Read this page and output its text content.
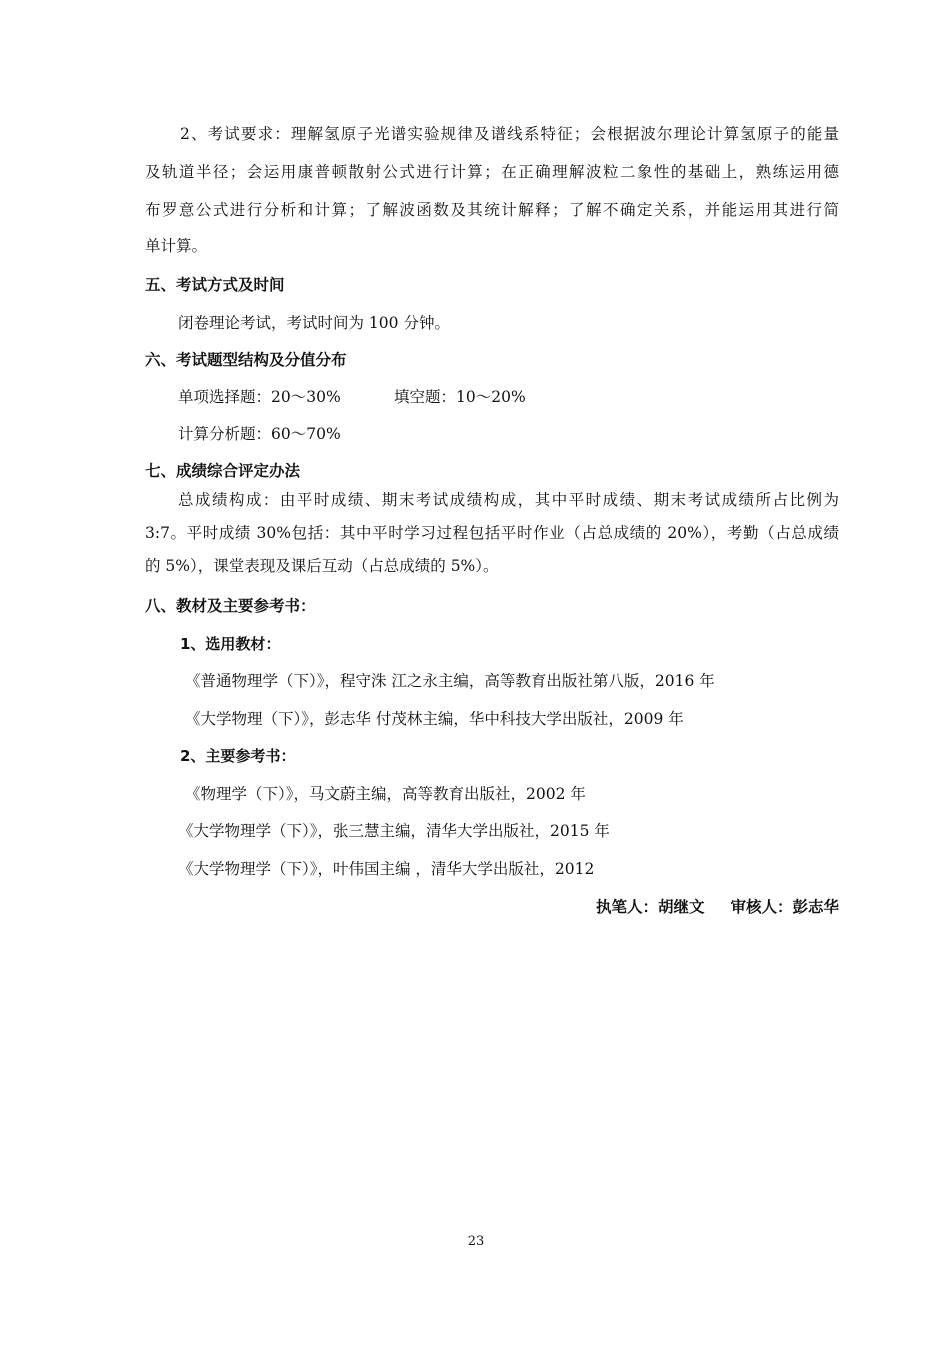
2、考试要求：理解氢原子光谱实验规律及谱线系特征；会根据波尔理论计算氢原子的能量
及轨道半径；会运用康普顿散射公式进行计算；在正确理解波粒二象性的基础上，熟练运用德
布罗意公式进行分析和计算；了解波函数及其统计解释；了解不确定关系，并能运用其进行简
单计算。
五、考试方式及时间
闭卷理论考试，考试时间为 100 分钟。
六、考试题型结构及分值分布
单项选择题：20～30%	填空题：10～20%
计算分析题：60～70%
七、成绩综合评定办法
总成绩构成：由平时成绩、期末考试成绩构成，其中平时成绩、期末考试成绩所占比例为
3:7。平时成绩 30%包括：其中平时学习过程包括平时作业（占总成绩的 20%），考勤（占总成绩
的 5%），课堂表现及课后互动（占总成绩的 5%）。
八、教材及主要参考书：
1、选用教材：
《普通物理学（下）》，程守洙 江之永主编，高等教育出版社第八版，2016 年
《大学物理（下）》，彭志华 付茂林主编，华中科技大学出版社，2009 年
2、主要参考书：
《物理学（下）》，马文蔚主编，高等教育出版社，2002 年
《大学物理学（下）》，张三慧主编，清华大学出版社，2015 年
《大学物理学（下）》，叶伟国主编 ，清华大学出版社，2012
执笔人：胡继文 审核人：彭志华
23
